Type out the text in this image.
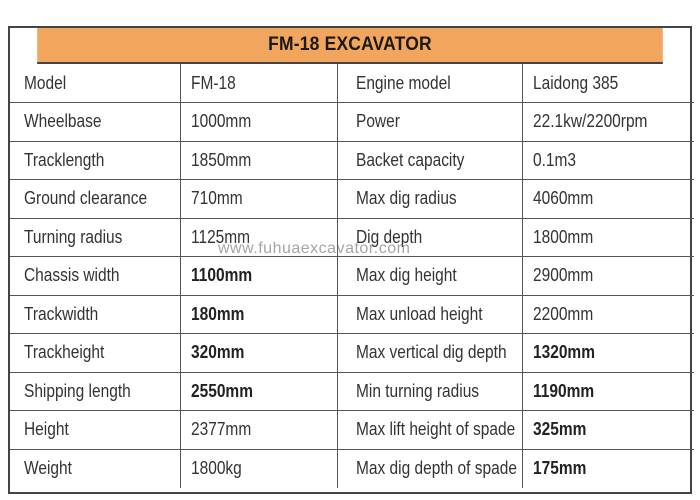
FM-18 EXCAVATOR
Model	FM-18	Engine model	Laidong 385
Wheelbase	1000mm	Power	22.1kw/2200rpm
Tracklength	1850mm	Backet capacity	0.1m3
Ground clearance	710mm	Max dig radius	4060mm
Turning radius	1125mm	Dig depth	1800mm
Chassis width	1100mm	Max dig height	2900mm
Trackwidth	180mm	Max unload height	2200mm
Trackheight	320mm	Max vertical dig depth	1320mm
Shipping length	2550mm	Min turning radius	1190mm
Height	2377mm	Max lift height of spade	325mm
Weight	1800kg	Max dig depth of spade	175mm
www.fuhuaexcavator.com
